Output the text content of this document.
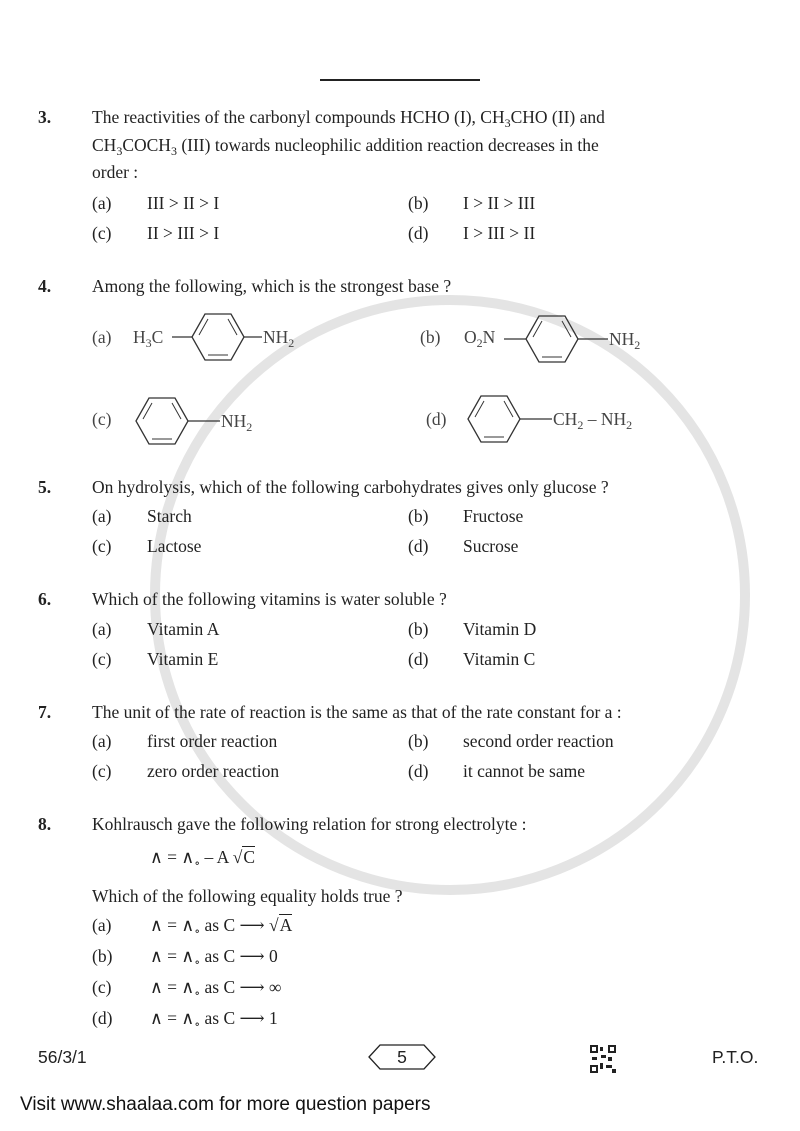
3. The reactivities of the carbonyl compounds HCHO (I), $CH_3CHO$ (II) and
$CH_3COCH_3$ (III) towards nucleophilic addition reaction decreases in the
order :
(a) III > II > I	(b) I > II > III
(c) II > III > I	(d) I > III > II
4. Among the following, which is the strongest base ?
(a) $H_3C$	$NH_2$	(b) $O_2N$	$NH_2$
(c)	$NH_2$	(d)	$CH_2 - NH_2$
5. On hydrolysis, which of the following carbohydrates gives only glucose ?
(a) Starch	(b) Fructose
(c) Lactose	(d) Sucrose
6. Which of the following vitamins is water soluble ?
(a) Vitamin A	(b) Vitamin D
(c) Vitamin E	(d) Vitamin C
7. The unit of the rate of reaction is the same as that of the rate constant for a :
(a) first order reaction	(b) second order reaction
(c) zero order reaction	(d) it cannot be same
8. Kohlrausch gave the following relation for strong electrolyte :
∧ = $\wedge_\circ$ – A √C
Which of the following equality holds true ?
(a) ∧ = $\wedge_\circ$ as C ⟶ √A
(b) ∧ = $\wedge_\circ$ as C ⟶ 0
(c) ∧ = $\wedge_\circ$ as C ⟶ ∞
(d) ∧ = $\wedge_\circ$ as C ⟶ 1
56/3/1	5	P.T.O.
Visit www.shaalaa.com for more question papers
